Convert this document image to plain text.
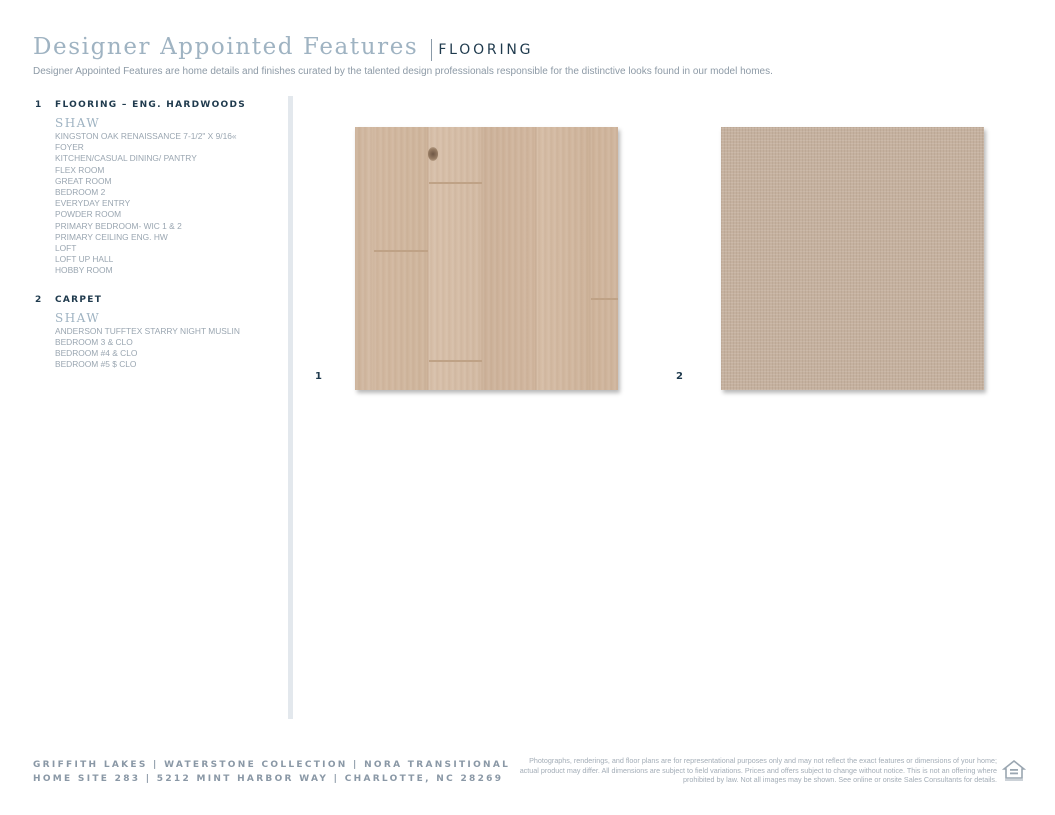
Designer Appointed Features FLOORING
Designer Appointed Features are home details and finishes curated by the talented design professionals responsible for the distinctive looks found in our model homes.
1	FLOORING – ENG. HARDWOODS
SHAW
KINGSTON OAK RENAISSANCE 7-1/2" X 9/16«
FOYER
KITCHEN/CASUAL DINING/ PANTRY
FLEX ROOM
GREAT ROOM
BEDROOM 2
EVERYDAY ENTRY
POWDER ROOM
PRIMARY BEDROOM- WIC 1 & 2
PRIMARY CEILING ENG. HW
LOFT
LOFT UP HALL
HOBBY ROOM
2	CARPET
SHAW
ANDERSON TUFFTEX STARRY NIGHT MUSLIN
BEDROOM 3 & CLO
BEDROOM #4 & CLO
BEDROOM #5 $ CLO
1	2
GRIFFITH LAKES | WATERSTONE COLLECTION | NORA TRANSITIONAL
HOME SITE 283 | 5212 MINT HARBOR WAY | CHARLOTTE, NC 28269
Photographs, renderings, and floor plans are for representational purposes only and may not reflect the exact features or dimensions of your home; actual product may differ. All dimensions are subject to field variations. Prices and offers subject to change without notice. This is not an offering where prohibited by law. Not all images may be shown. See online or onsite Sales Consultants for details.
